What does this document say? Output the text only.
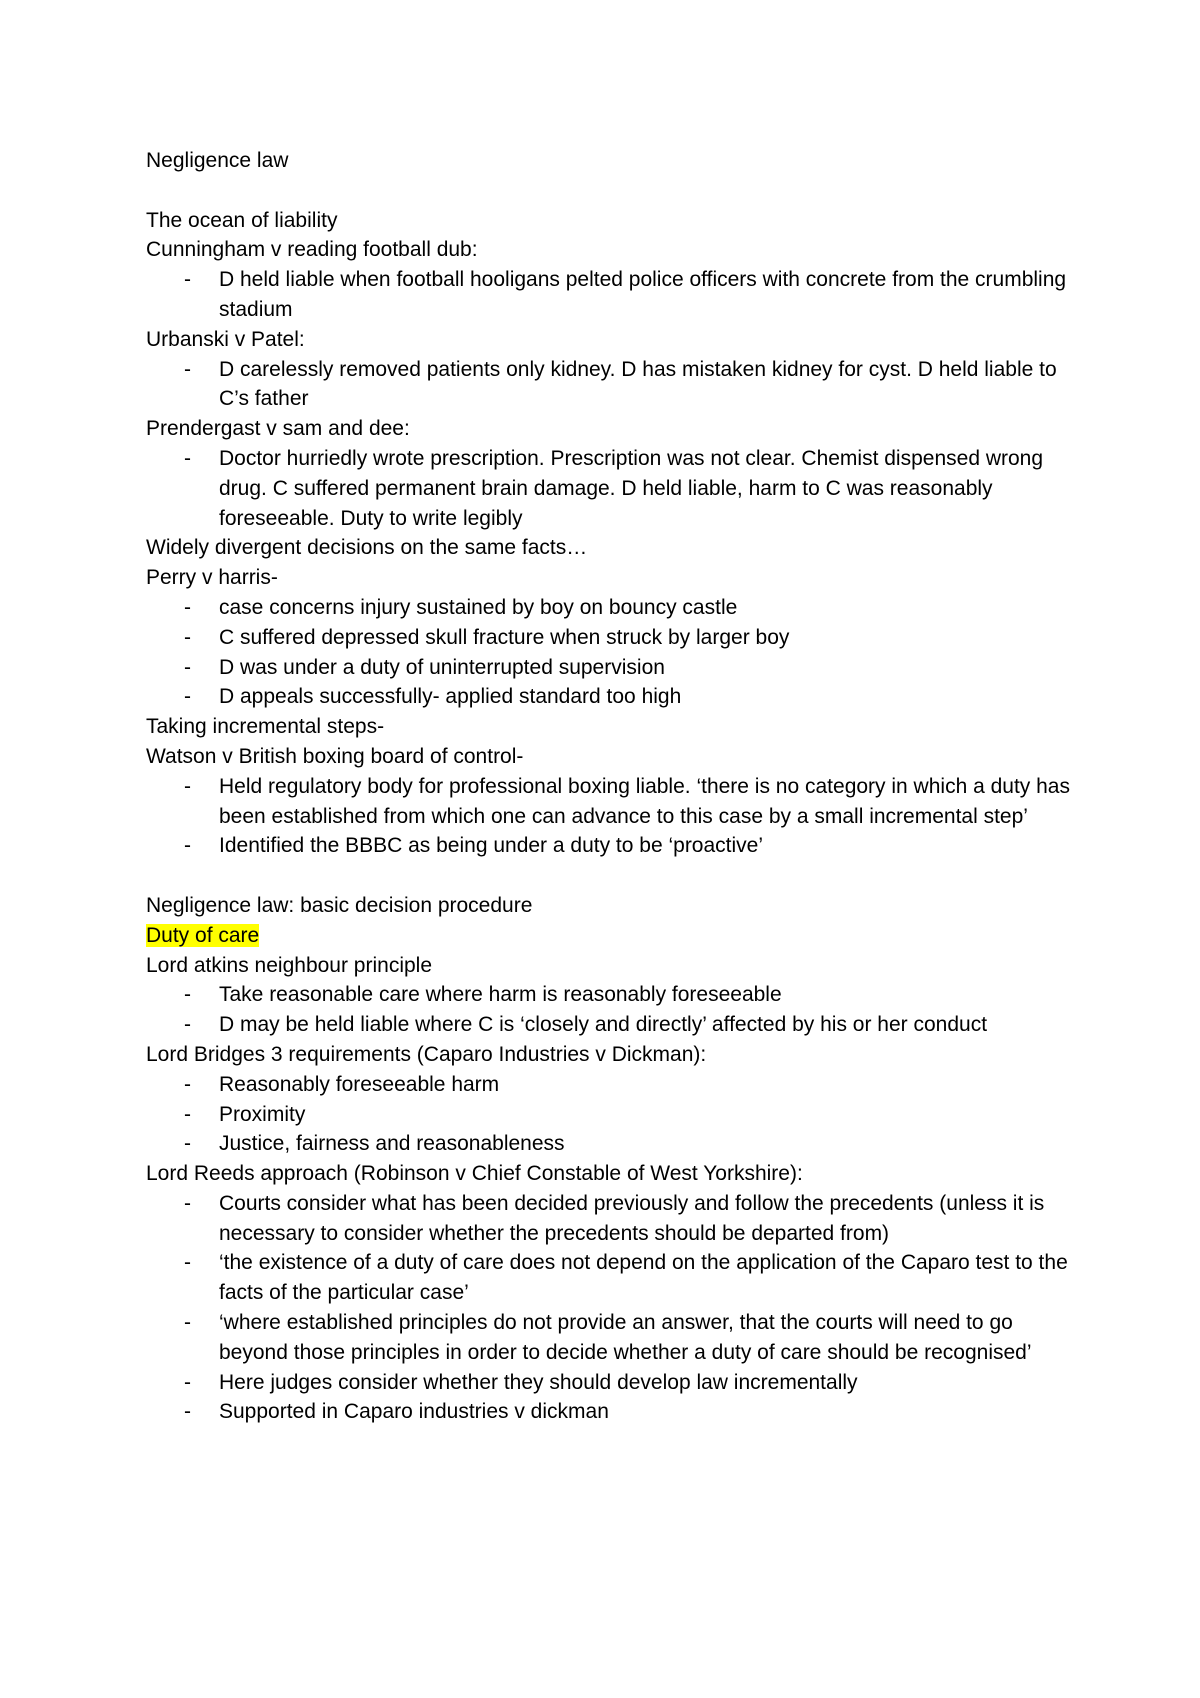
Negligence law

The ocean of liability

Cunningham v reading football dub:

- D held liable when football hooligans pelted police officers with concrete from the crumbling stadium

Urbanski v Patel:

- D carelessly removed patients only kidney. D has mistaken kidney for cyst. D held liable to C’s father

Prendergast v sam and dee:

- Doctor hurriedly wrote prescription. Prescription was not clear. Chemist dispensed wrong drug. C suffered permanent brain damage. D held liable, harm to C was reasonably foreseeable. Duty to write legibly

Widely divergent decisions on the same facts…

Perry v harris-

- case concerns injury sustained by boy on bouncy castle
- C suffered depressed skull fracture when struck by larger boy
- D was under a duty of uninterrupted supervision
- D appeals successfully- applied standard too high

Taking incremental steps-

Watson v British boxing board of control-

- Held regulatory body for professional boxing liable. ‘there is no category in which a duty has been established from which one can advance to this case by a small incremental step’
- Identified the BBBC as being under a duty to be ‘proactive’

Negligence law: basic decision procedure

Duty of care

Lord atkins neighbour principle

- Take reasonable care where harm is reasonably foreseeable
- D may be held liable where C is ‘closely and directly’ affected by his or her conduct

Lord Bridges 3 requirements (Caparo Industries v Dickman):

- Reasonably foreseeable harm
- Proximity
- Justice, fairness and reasonableness

Lord Reeds approach (Robinson v Chief Constable of West Yorkshire):

- Courts consider what has been decided previously and follow the precedents (unless it is necessary to consider whether the precedents should be departed from)
- ‘the existence of a duty of care does not depend on the application of the Caparo test to the facts of the particular case’
- ‘where established principles do not provide an answer, that the courts will need to go beyond those principles in order to decide whether a duty of care should be recognised’
- Here judges consider whether they should develop law incrementally
- Supported in Caparo industries v dickman
